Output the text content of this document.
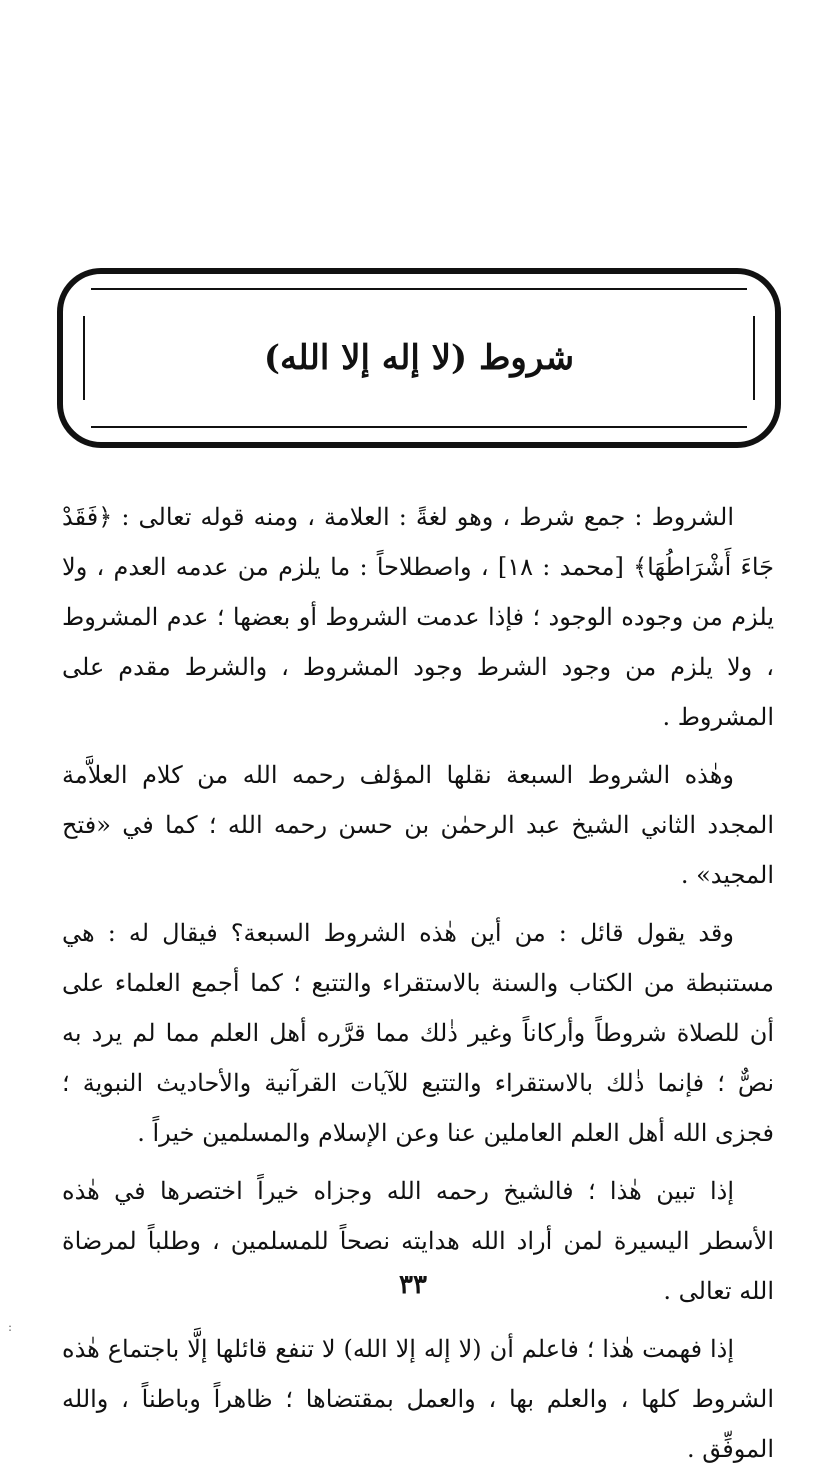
شروط (لا إله إلا الله)

الشروط : جمع شرط ، وهو لغةً : العلامة ، ومنه قوله تعالى : ﴿فَقَدْ جَاءَ أَشْرَاطُهَا﴾ [محمد : ١٨] ، واصطلاحاً : ما يلزم من عدمه العدم ، ولا يلزم من وجوده الوجود ؛ فإذا عدمت الشروط أو بعضها ؛ عدم المشروط ، ولا يلزم من وجود الشرط وجود المشروط ، والشرط مقدم على المشروط .

وهٰذه الشروط السبعة نقلها المؤلف رحمه الله من كلام العلاَّمة المجدد الثاني الشيخ عبد الرحمٰن بن حسن رحمه الله ؛ كما في «فتح المجيد» .

وقد يقول قائل : من أين هٰذه الشروط السبعة؟ فيقال له : هي مستنبطة من الكتاب والسنة بالاستقراء والتتبع ؛ كما أجمع العلماء على أن للصلاة شروطاً وأركاناً وغير ذٰلك مما قرَّره أهل العلم مما لم يرد به نصٌّ ؛ فإنما ذٰلك بالاستقراء والتتبع للآيات القرآنية والأحاديث النبوية ؛ فجزى الله أهل العلم العاملين عنا وعن الإسلام والمسلمين خيراً .

إذا تبين هٰذا ؛ فالشيخ رحمه الله وجزاه خيراً اختصرها في هٰذه الأسطر اليسيرة لمن أراد الله هدايته نصحاً للمسلمين ، وطلباً لمرضاة الله تعالى .

إذا فهمت هٰذا ؛ فاعلم أن (لا إله إلا الله) لا تنفع قائلها إلَّا باجتماع هٰذه الشروط كلها ، والعلم بها ، والعمل بمقتضاها ؛ ظاهراً وباطناً ، والله الموفِّق .

٣٣
:
